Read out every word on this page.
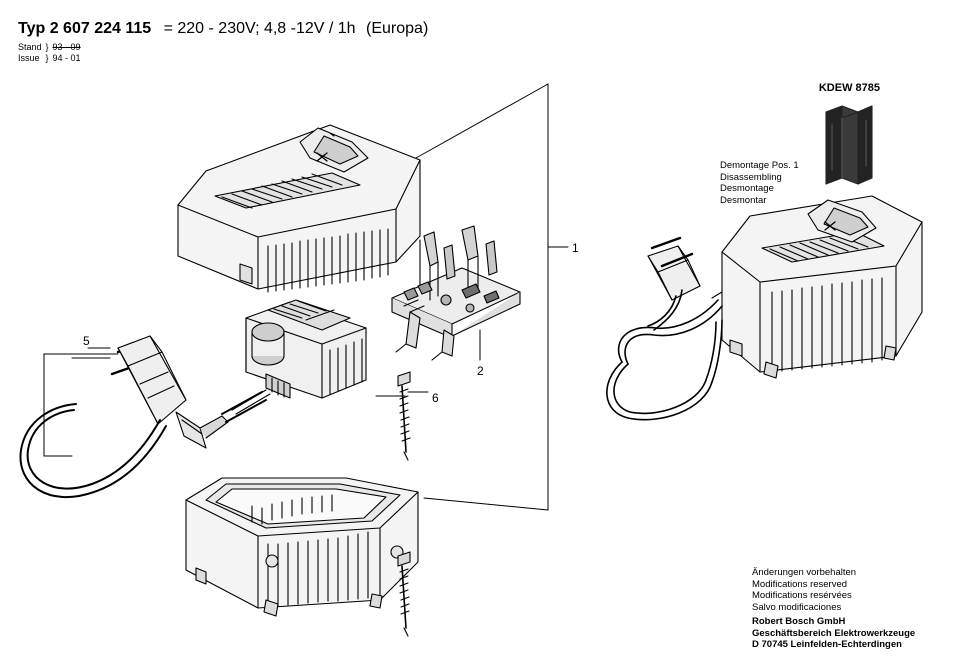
Typ 2 607 224 115 = 220 - 230V; 4,8 -12V / 1h (Europa)
Stand	}	93 - 09
Issue	}	94 - 01
KDEW 8785
Demontage Pos. 1
Disassembling
Desmontage
Desmontar
1
2
5
6
Änderungen vorbehalten
Modifications reserved
Modifications resérvées
Salvo modificaciones
Robert Bosch GmbH
Geschäftsbereich Elektrowerkzeuge
D 70745 Leinfelden-Echterdingen
